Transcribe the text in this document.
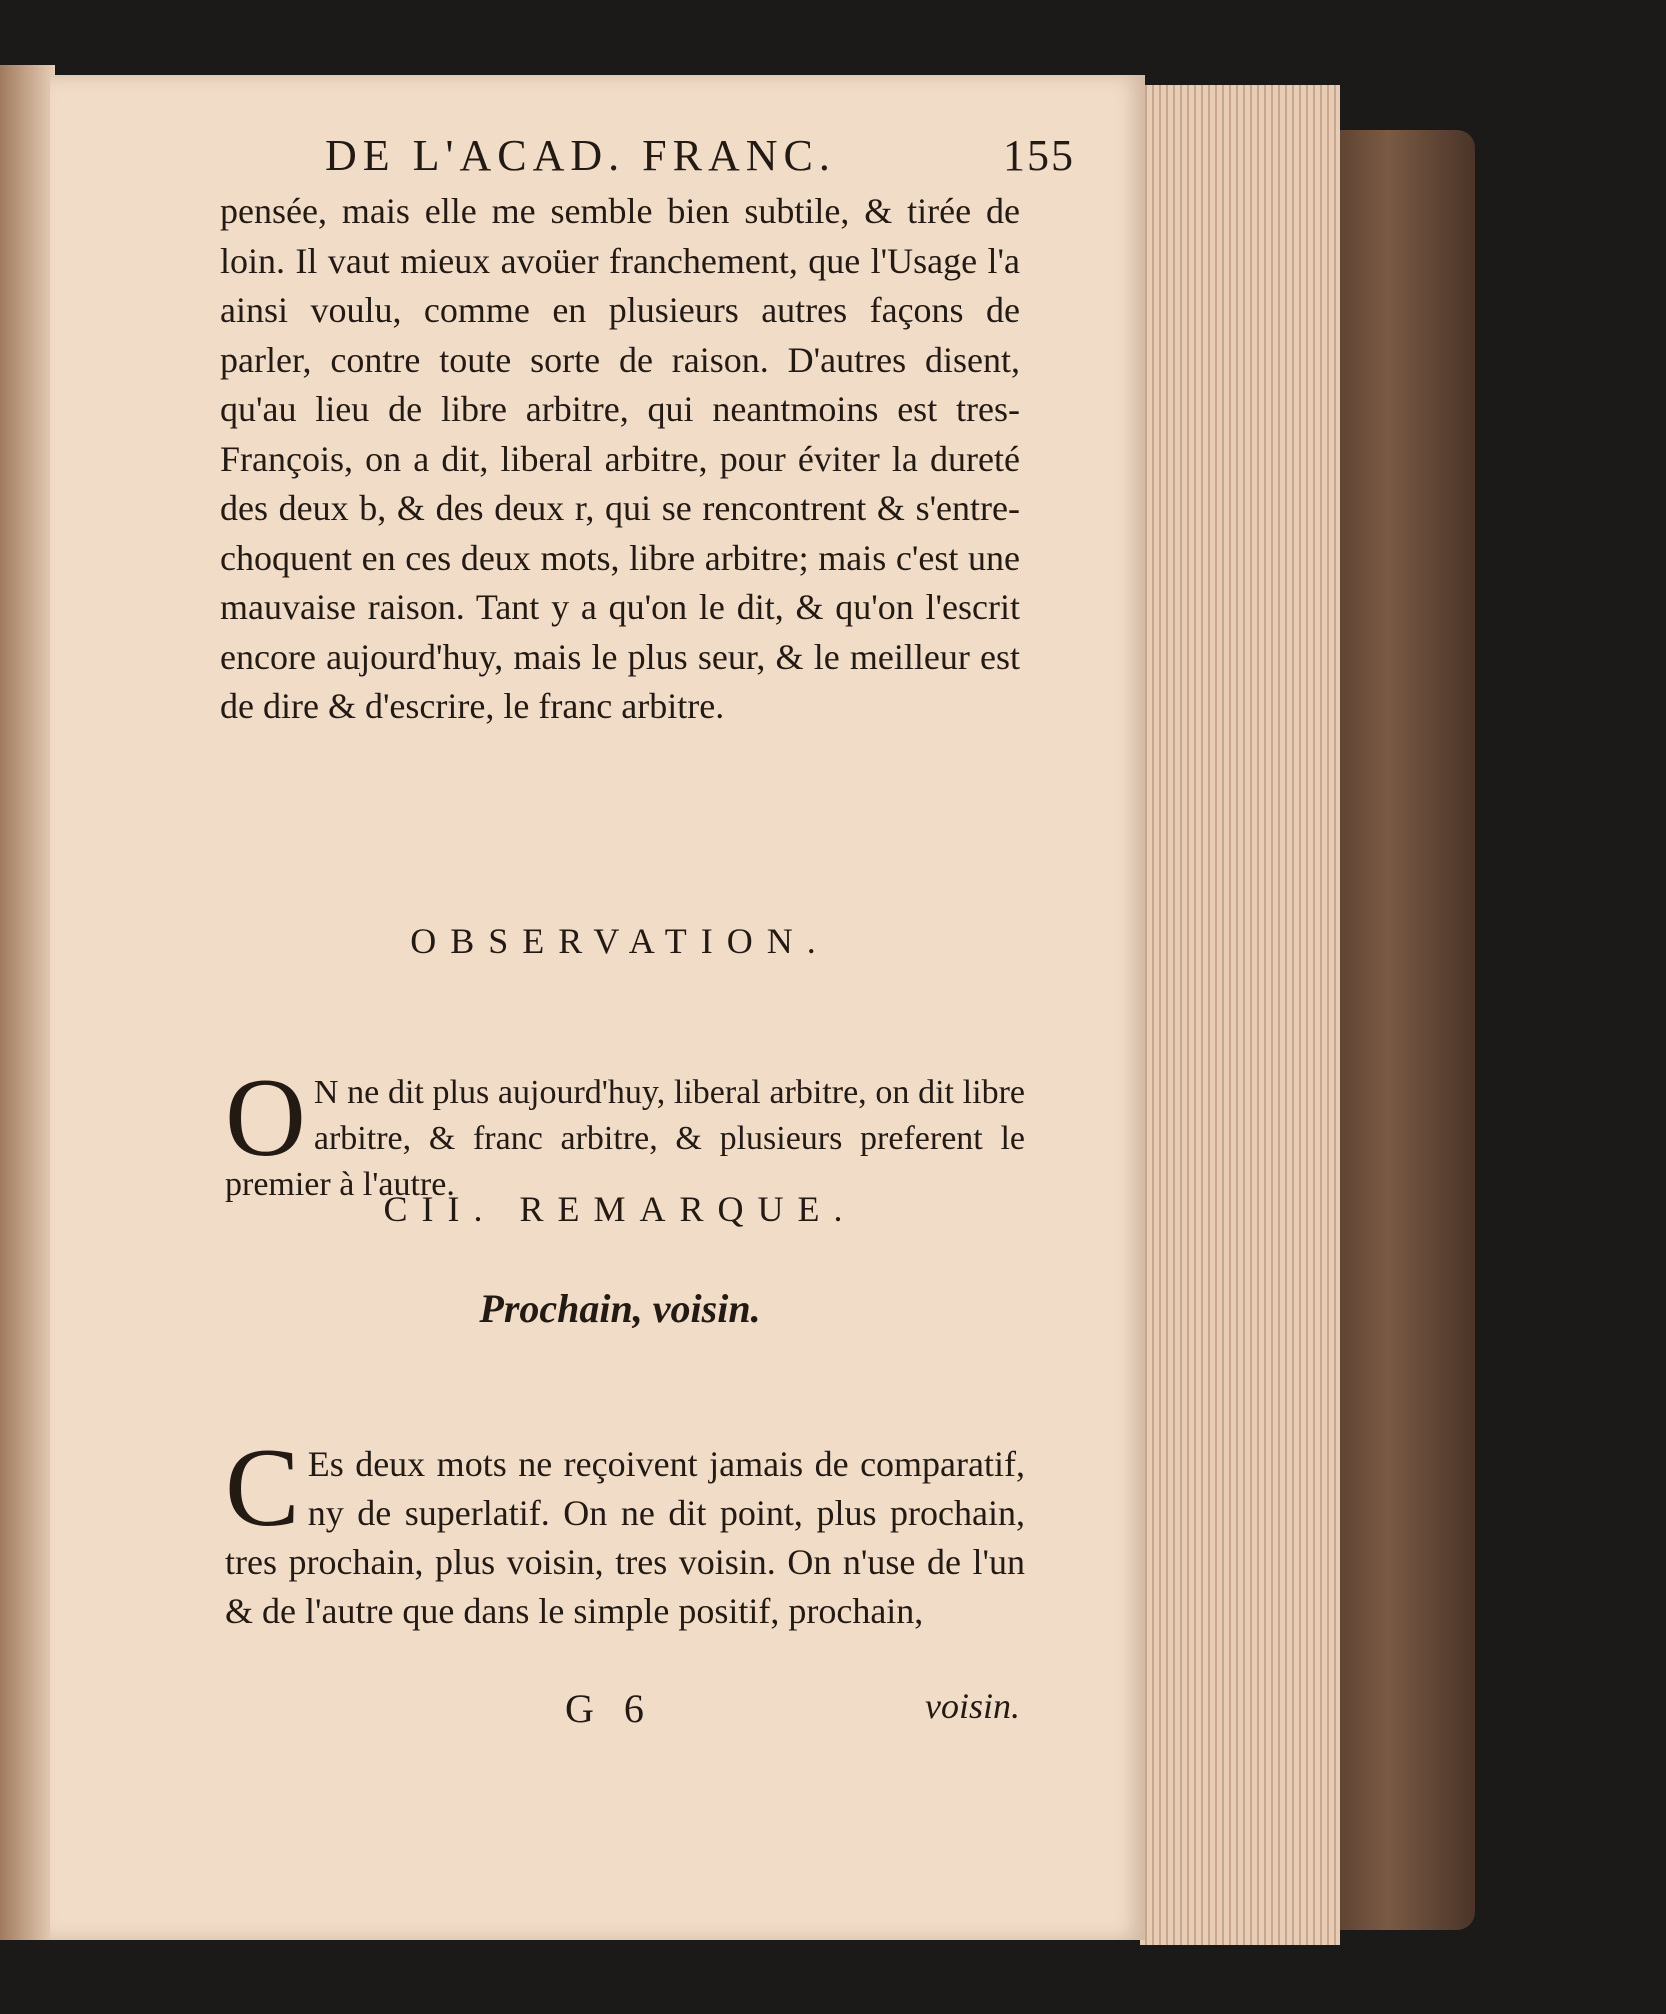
DE L'ACAD. FRANC.	155
pensée, mais elle me semble bien subtile, & tirée de loin. Il vaut mieux avoüer franchement, que l'Usage l'a ainsi voulu, comme en plusieurs autres façons de parler, contre toute sorte de raison. D'autres disent, qu'au lieu de libre arbitre, qui neantmoins est tres-François, on a dit, liberal arbitre, pour éviter la dureté des deux b, & des deux r, qui se rencontrent & s'entre-choquent en ces deux mots, libre arbitre; mais c'est une mauvaise raison. Tant y a qu'on le dit, & qu'on l'escrit encore aujourd'huy, mais le plus seur, & le meilleur est de dire & d'escrire, le franc arbitre.
OBSERVATION.
O N ne dit plus aujourd'huy, liberal arbitre, on dit libre arbitre, & franc arbitre, & plusieurs preferent le premier à l'autre.
CII. REMARQUE.
Prochain, voisin.
C Es deux mots ne reçoivent jamais de comparatif, ny de superlatif. On ne dit point, plus prochain, tres prochain, plus voisin, tres voisin. On n'use de l'un & de l'autre que dans le simple positif, prochain,
G 6	voisin.
